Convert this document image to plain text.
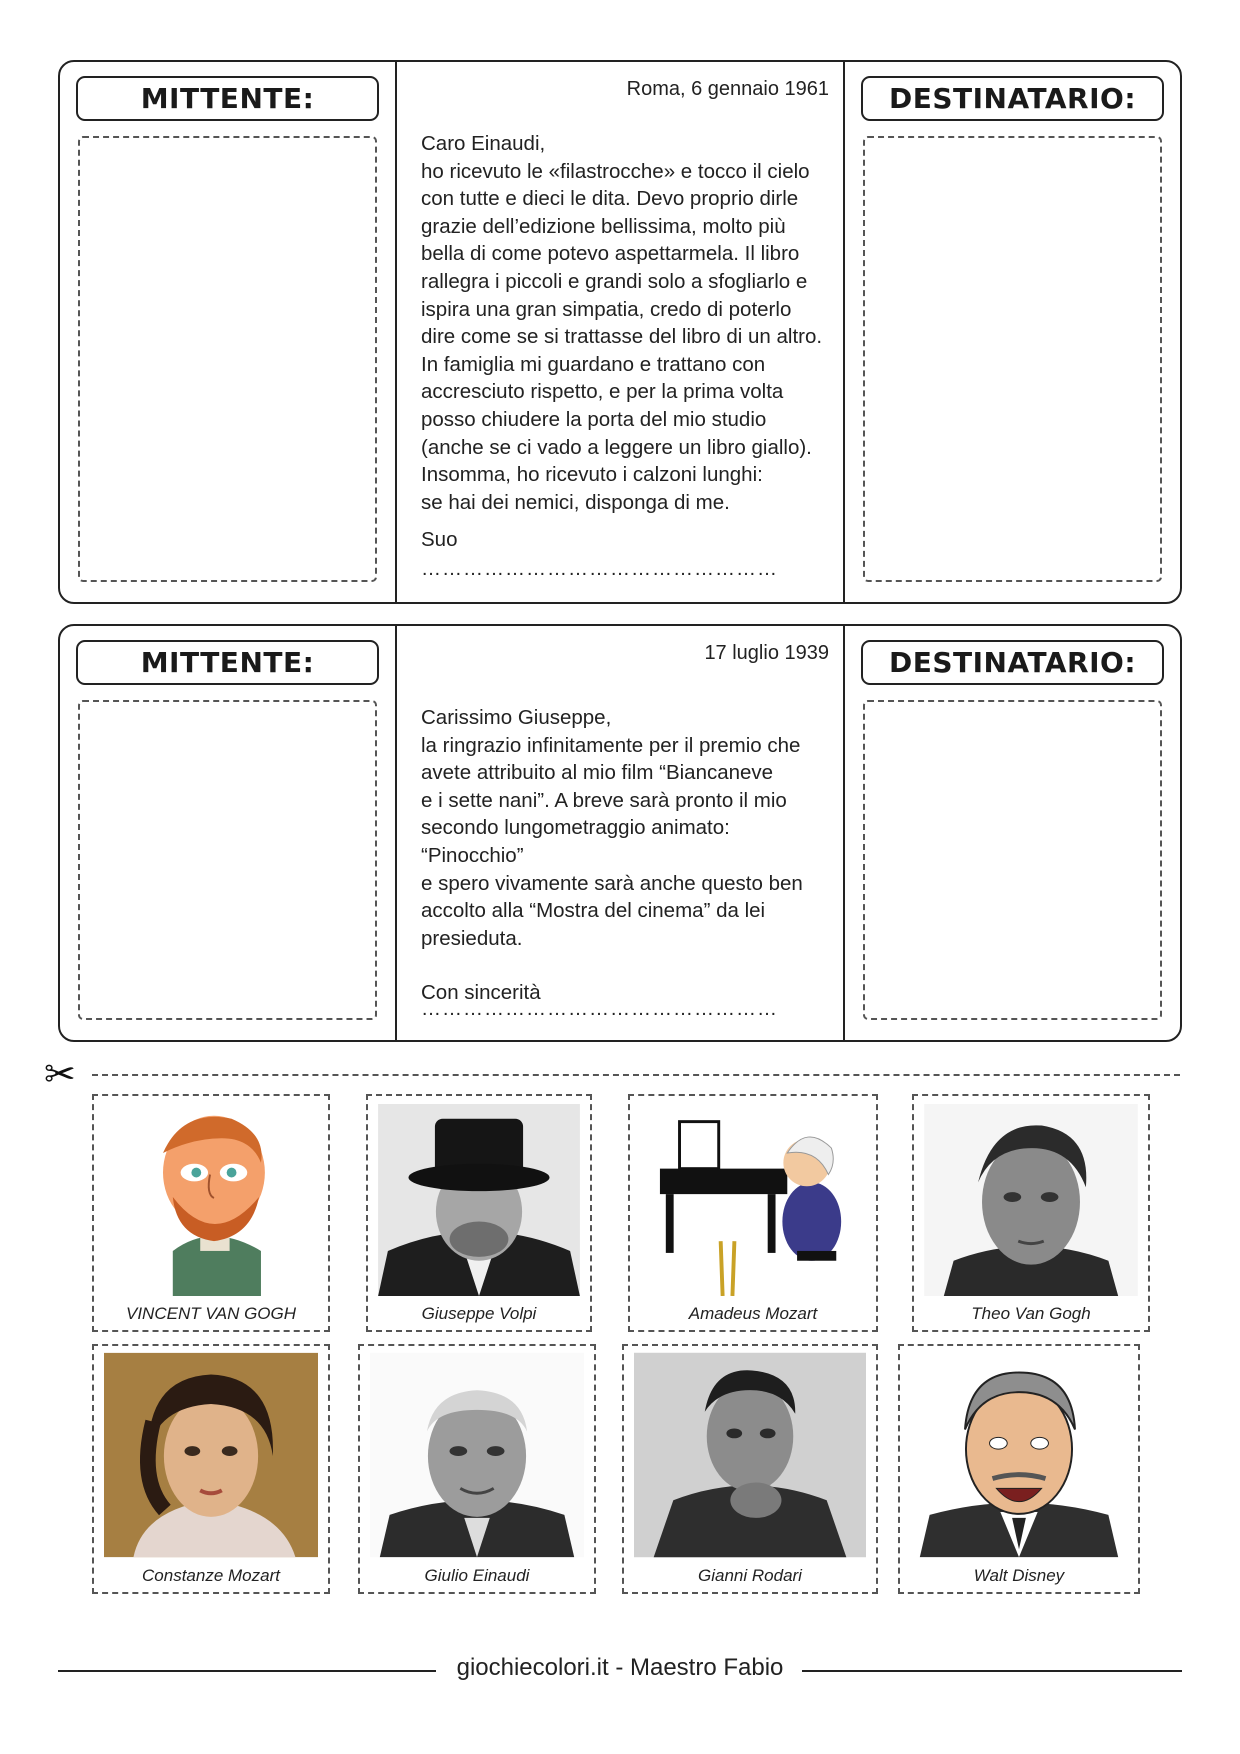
MITTENTE:	Roma, 6 gennaio 1961

Caro Einaudi,

ho ricevuto le «filastrocche» e tocco il cielo

con tutte e dieci le dita. Devo proprio dirle

grazie dell’edizione bellissima, molto più

bella di come potevo aspettarmela. Il libro

rallegra i piccoli e grandi solo a sfogliarlo e

ispira una gran simpatia, credo di poterlo

dire come se si trattasse del libro di un altro.

In famiglia mi guardano e trattano con

accresciuto rispetto, e per la prima volta

posso chiudere la porta del mio studio

(anche se ci vado a leggere un libro giallo).

Insomma, ho ricevuto i calzoni lunghi:

se hai dei nemici, disponga di me.

Suo

……………………………………………
DESTINATARIO:
MITTENTE:	17 luglio 1939

Carissimo Giuseppe,

la ringrazio infinitamente per il premio che

avete attribuito al mio film “Biancaneve

e i sette nani”. A breve sarà pronto il mio

secondo lungometraggio animato: “Pinocchio”

e spero vivamente sarà anche questo ben

accolto alla “Mostra del cinema” da lei

presieduta.

Con sincerità

……………………………………………
DESTINATARIO:
✂
VINCENT VAN GOGH	Giuseppe Volpi	Amadeus Mozart	Theo Van Gogh
Constanze Mozart	Giulio Einaudi	Gianni Rodari	Walt Disney
giochiecolori.it - Maestro Fabio
